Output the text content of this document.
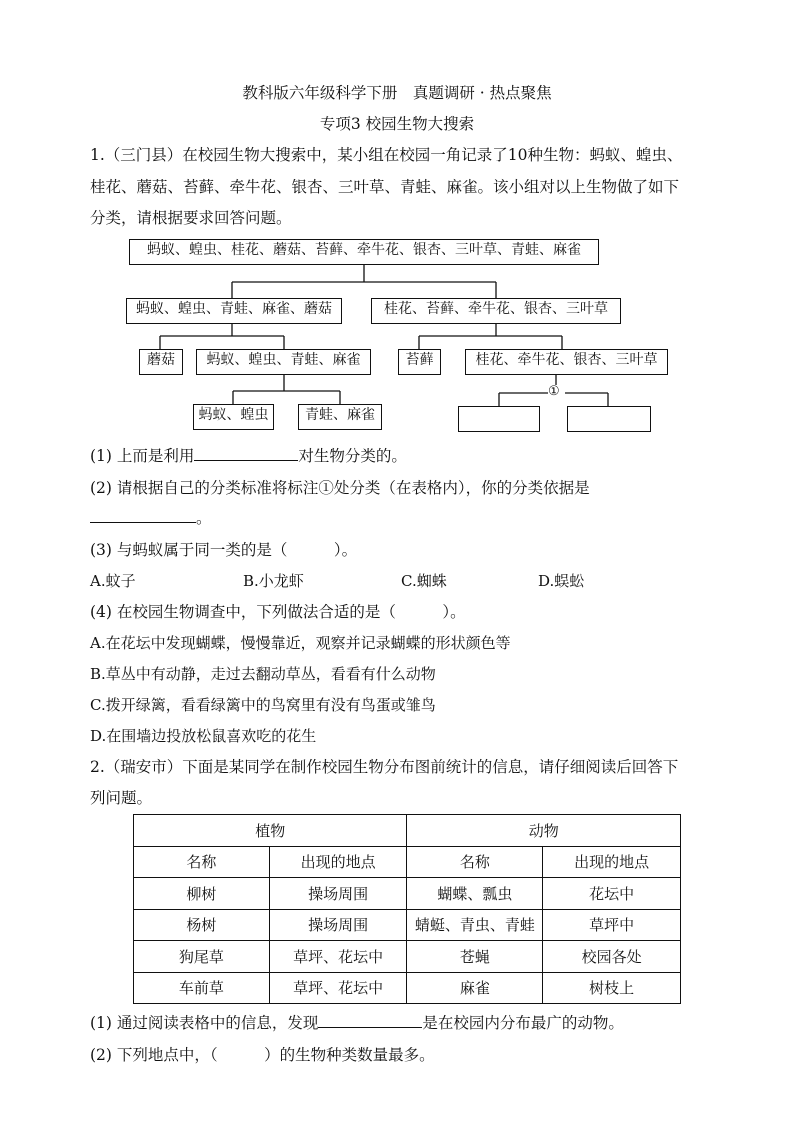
教科版六年级科学下册　真题调研 · 热点聚焦
专项3 校园生物大搜索
1.（三门县）在校园生物大搜索中，某小组在校园一角记录了10种生物：蚂蚁、蝗虫、
桂花、蘑菇、苔藓、牵牛花、银杏、三叶草、青蛙、麻雀。该小组对以上生物做了如下
分类，请根据要求回答问题。
蚂蚁、蝗虫、桂花、蘑菇、苔藓、牵牛花、银杏、三叶草、青蛙、麻雀
蚂蚁、蝗虫、青蛙、麻雀、蘑菇	桂花、苔藓、牵牛花、银杏、三叶草
蘑菇	蚂蚁、蝗虫、青蛙、麻雀	苔藓	桂花、牵牛花、银杏、三叶草
蚂蚁、蝗虫	青蛙、麻雀
①
(1) 上而是利用	对生物分类的。
(2) 请根据自己的分类标准将标注①处分类（在表格内），你的分类依据是
。
(3) 与蚂蚁属于同一类的是（　　　）。
A.蚊子	B.小龙虾	C.蜘蛛	D.蜈蚣
(4) 在校园生物调查中，下列做法合适的是（　　　）。
A.在花坛中发现蝴蝶，慢慢靠近，观察并记录蝴蝶的形状颜色等
B.草丛中有动静，走过去翻动草丛，看看有什么动物
C.拨开绿篱，看看绿篱中的鸟窝里有没有鸟蛋或雏鸟
D.在围墙边投放松鼠喜欢吃的花生
2.（瑞安市）下面是某同学在制作校园生物分布图前统计的信息，请仔细阅读后回答下
列问题。
植物		动物	
名称	出现的地点	名称	出现的地点
柳树	操场周围	蝴蝶、瓢虫	花坛中
杨树	操场周围	蜻蜓、青虫、青蛙	草坪中
狗尾草	草坪、花坛中	苍蝇	校园各处
车前草	草坪、花坛中	麻雀	树枝上
(1) 通过阅读表格中的信息，发现	是在校园内分布最广的动物。
(2) 下列地点中，（　　　）的生物种类数量最多。
